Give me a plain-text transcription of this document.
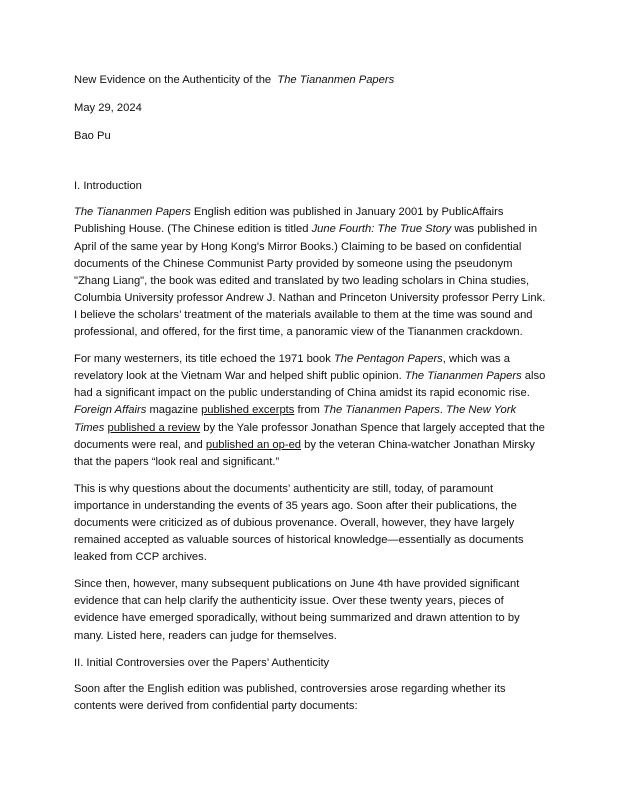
New Evidence on the Authenticity of the The Tiananmen Papers
May 29, 2024
Bao Pu
I. Introduction

The Tiananmen Papers English edition was published in January 2001 by PublicAffairs Publishing House. (The Chinese edition is titled June Fourth: The True Story was published in April of the same year by Hong Kong's Mirror Books.) Claiming to be based on confidential documents of the Chinese Communist Party provided by someone using the pseudonym "Zhang Liang", the book was edited and translated by two leading scholars in China studies, Columbia University professor Andrew J. Nathan and Princeton University professor Perry Link. I believe the scholars’ treatment of the materials available to them at the time was sound and professional, and offered, for the first time, a panoramic view of the Tiananmen crackdown.

For many westerners, its title echoed the 1971 book The Pentagon Papers, which was a revelatory look at the Vietnam War and helped shift public opinion. The Tiananmen Papers also had a significant impact on the public understanding of China amidst its rapid economic rise. Foreign Affairs magazine published excerpts from The Tiananmen Papers. The New York Times published a review by the Yale professor Jonathan Spence that largely accepted that the documents were real, and published an op-ed by the veteran China-watcher Jonathan Mirsky that the papers “look real and significant.”

This is why questions about the documents’ authenticity are still, today, of paramount importance in understanding the events of 35 years ago. Soon after their publications, the documents were criticized as of dubious provenance. Overall, however, they have largely remained accepted as valuable sources of historical knowledge—essentially as documents leaked from CCP archives.

Since then, however, many subsequent publications on June 4th have provided significant evidence that can help clarify the authenticity issue. Over these twenty years, pieces of evidence have emerged sporadically, without being summarized and drawn attention to by many. Listed here, readers can judge for themselves.

II. Initial Controversies over the Papers’ Authenticity

Soon after the English edition was published, controversies arose regarding whether its contents were derived from confidential party documents:
